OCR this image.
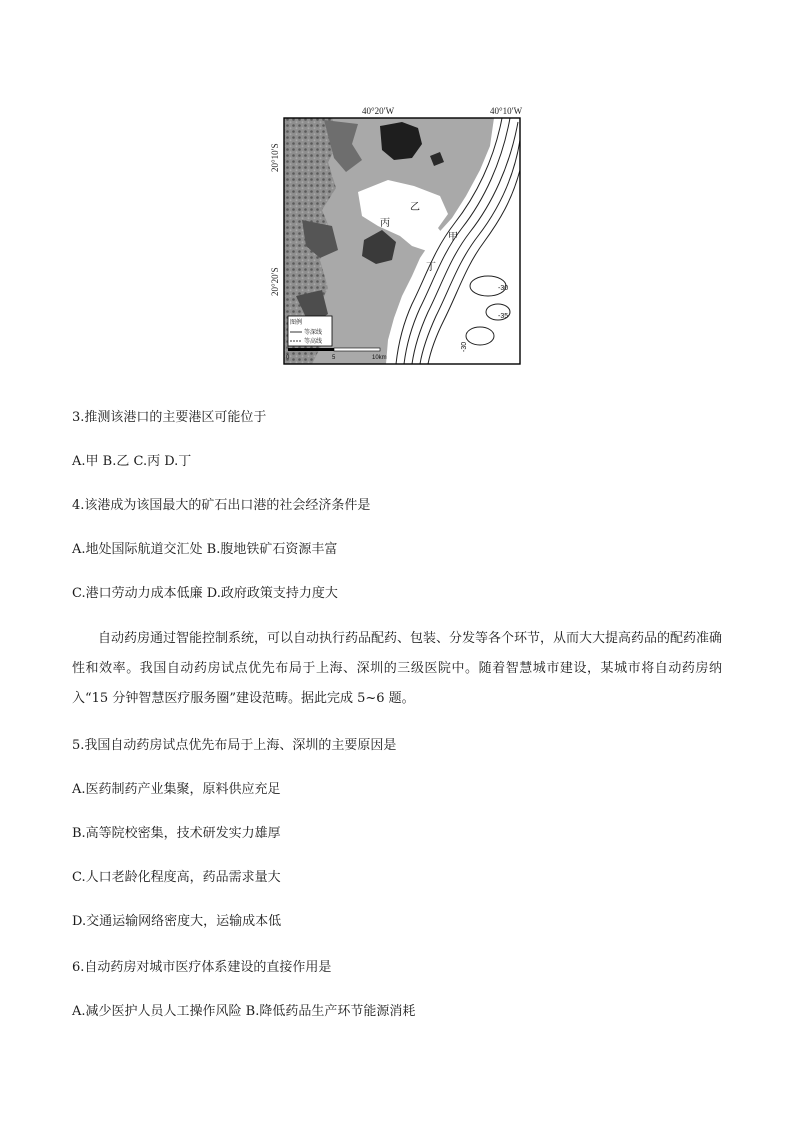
40°20′W	40°10′W
20°10′S
20°20′S
乙
丙
甲
丁
-30
-35
-30
图例
等深线
等高线
0	5	10km
3.推测该港口的主要港区可能位于
A.甲 B.乙 C.丙 D.丁
4.该港成为该国最大的矿石出口港的社会经济条件是
A.地处国际航道交汇处 B.腹地铁矿石资源丰富
C.港口劳动力成本低廉 D.政府政策支持力度大
自动药房通过智能控制系统，可以自动执行药品配药、包装、分发等各个环节，从而大大提高药品的配药准确性和效率。我国自动药房试点优先布局于上海、深圳的三级医院中。随着智慧城市建设，某城市将自动药房纳入“15 分钟智慧医疗服务圈”建设范畴。据此完成 5~6 题。
5.我国自动药房试点优先布局于上海、深圳的主要原因是
A.医药制药产业集聚，原料供应充足
B.高等院校密集，技术研发实力雄厚
C.人口老龄化程度高，药品需求量大
D.交通运输网络密度大，运输成本低
6.自动药房对城市医疗体系建设的直接作用是
A.减少医护人员人工操作风险 B.降低药品生产环节能源消耗
